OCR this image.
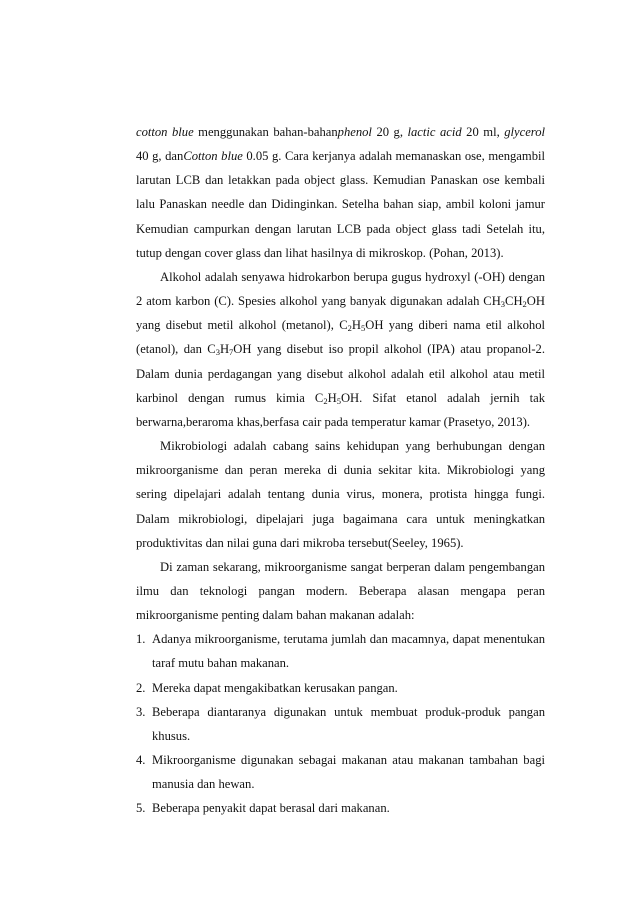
cotton blue menggunakan bahan-bahanphenol 20 g, lactic acid 20 ml, glycerol 40 g, danCotton blue 0.05 g. Cara kerjanya adalah memanaskan ose, mengambil larutan LCB dan letakkan pada object glass. Kemudian Panaskan ose kembali lalu Panaskan needle dan Didinginkan. Setelha bahan siap, ambil koloni jamur Kemudian campurkan dengan larutan LCB pada object glass tadi Setelah itu, tutup dengan cover glass dan lihat hasilnya di mikroskop. (Pohan, 2013).

Alkohol adalah senyawa hidrokarbon berupa gugus hydroxyl (-OH) dengan 2 atom karbon (C). Spesies alkohol yang banyak digunakan adalah $CH_3CH_2OH$ yang disebut metil alkohol (metanol), $C_2H_5OH$ yang diberi nama etil alkohol (etanol), dan $C_3H_7OH$ yang disebut iso propil alkohol (IPA) atau propanol-2. Dalam dunia perdagangan yang disebut alkohol adalah etil alkohol atau metil karbinol dengan rumus kimia $C_2H_5OH$. Sifat etanol adalah jernih tak berwarna,beraroma khas,berfasa cair pada temperatur kamar (Prasetyo, 2013).

Mikrobiologi adalah cabang sains kehidupan yang berhubungan dengan mikroorganisme dan peran mereka di dunia sekitar kita. Mikrobiologi yang sering dipelajari adalah tentang dunia virus, monera, protista hingga fungi. Dalam mikrobiologi, dipelajari juga bagaimana cara untuk meningkatkan produktivitas dan nilai guna dari mikroba tersebut(Seeley, 1965).

Di zaman sekarang, mikroorganisme sangat berperan dalam pengembangan ilmu dan teknologi pangan modern. Beberapa alasan mengapa peran mikroorganisme penting dalam bahan makanan adalah:

1. Adanya mikroorganisme, terutama jumlah dan macamnya, dapat menentukan taraf mutu bahan makanan.
2. Mereka dapat mengakibatkan kerusakan pangan.
3. Beberapa diantaranya digunakan untuk membuat produk-produk pangan khusus.
4. Mikroorganisme digunakan sebagai makanan atau makanan tambahan bagi manusia dan hewan.
5. Beberapa penyakit dapat berasal dari makanan.
